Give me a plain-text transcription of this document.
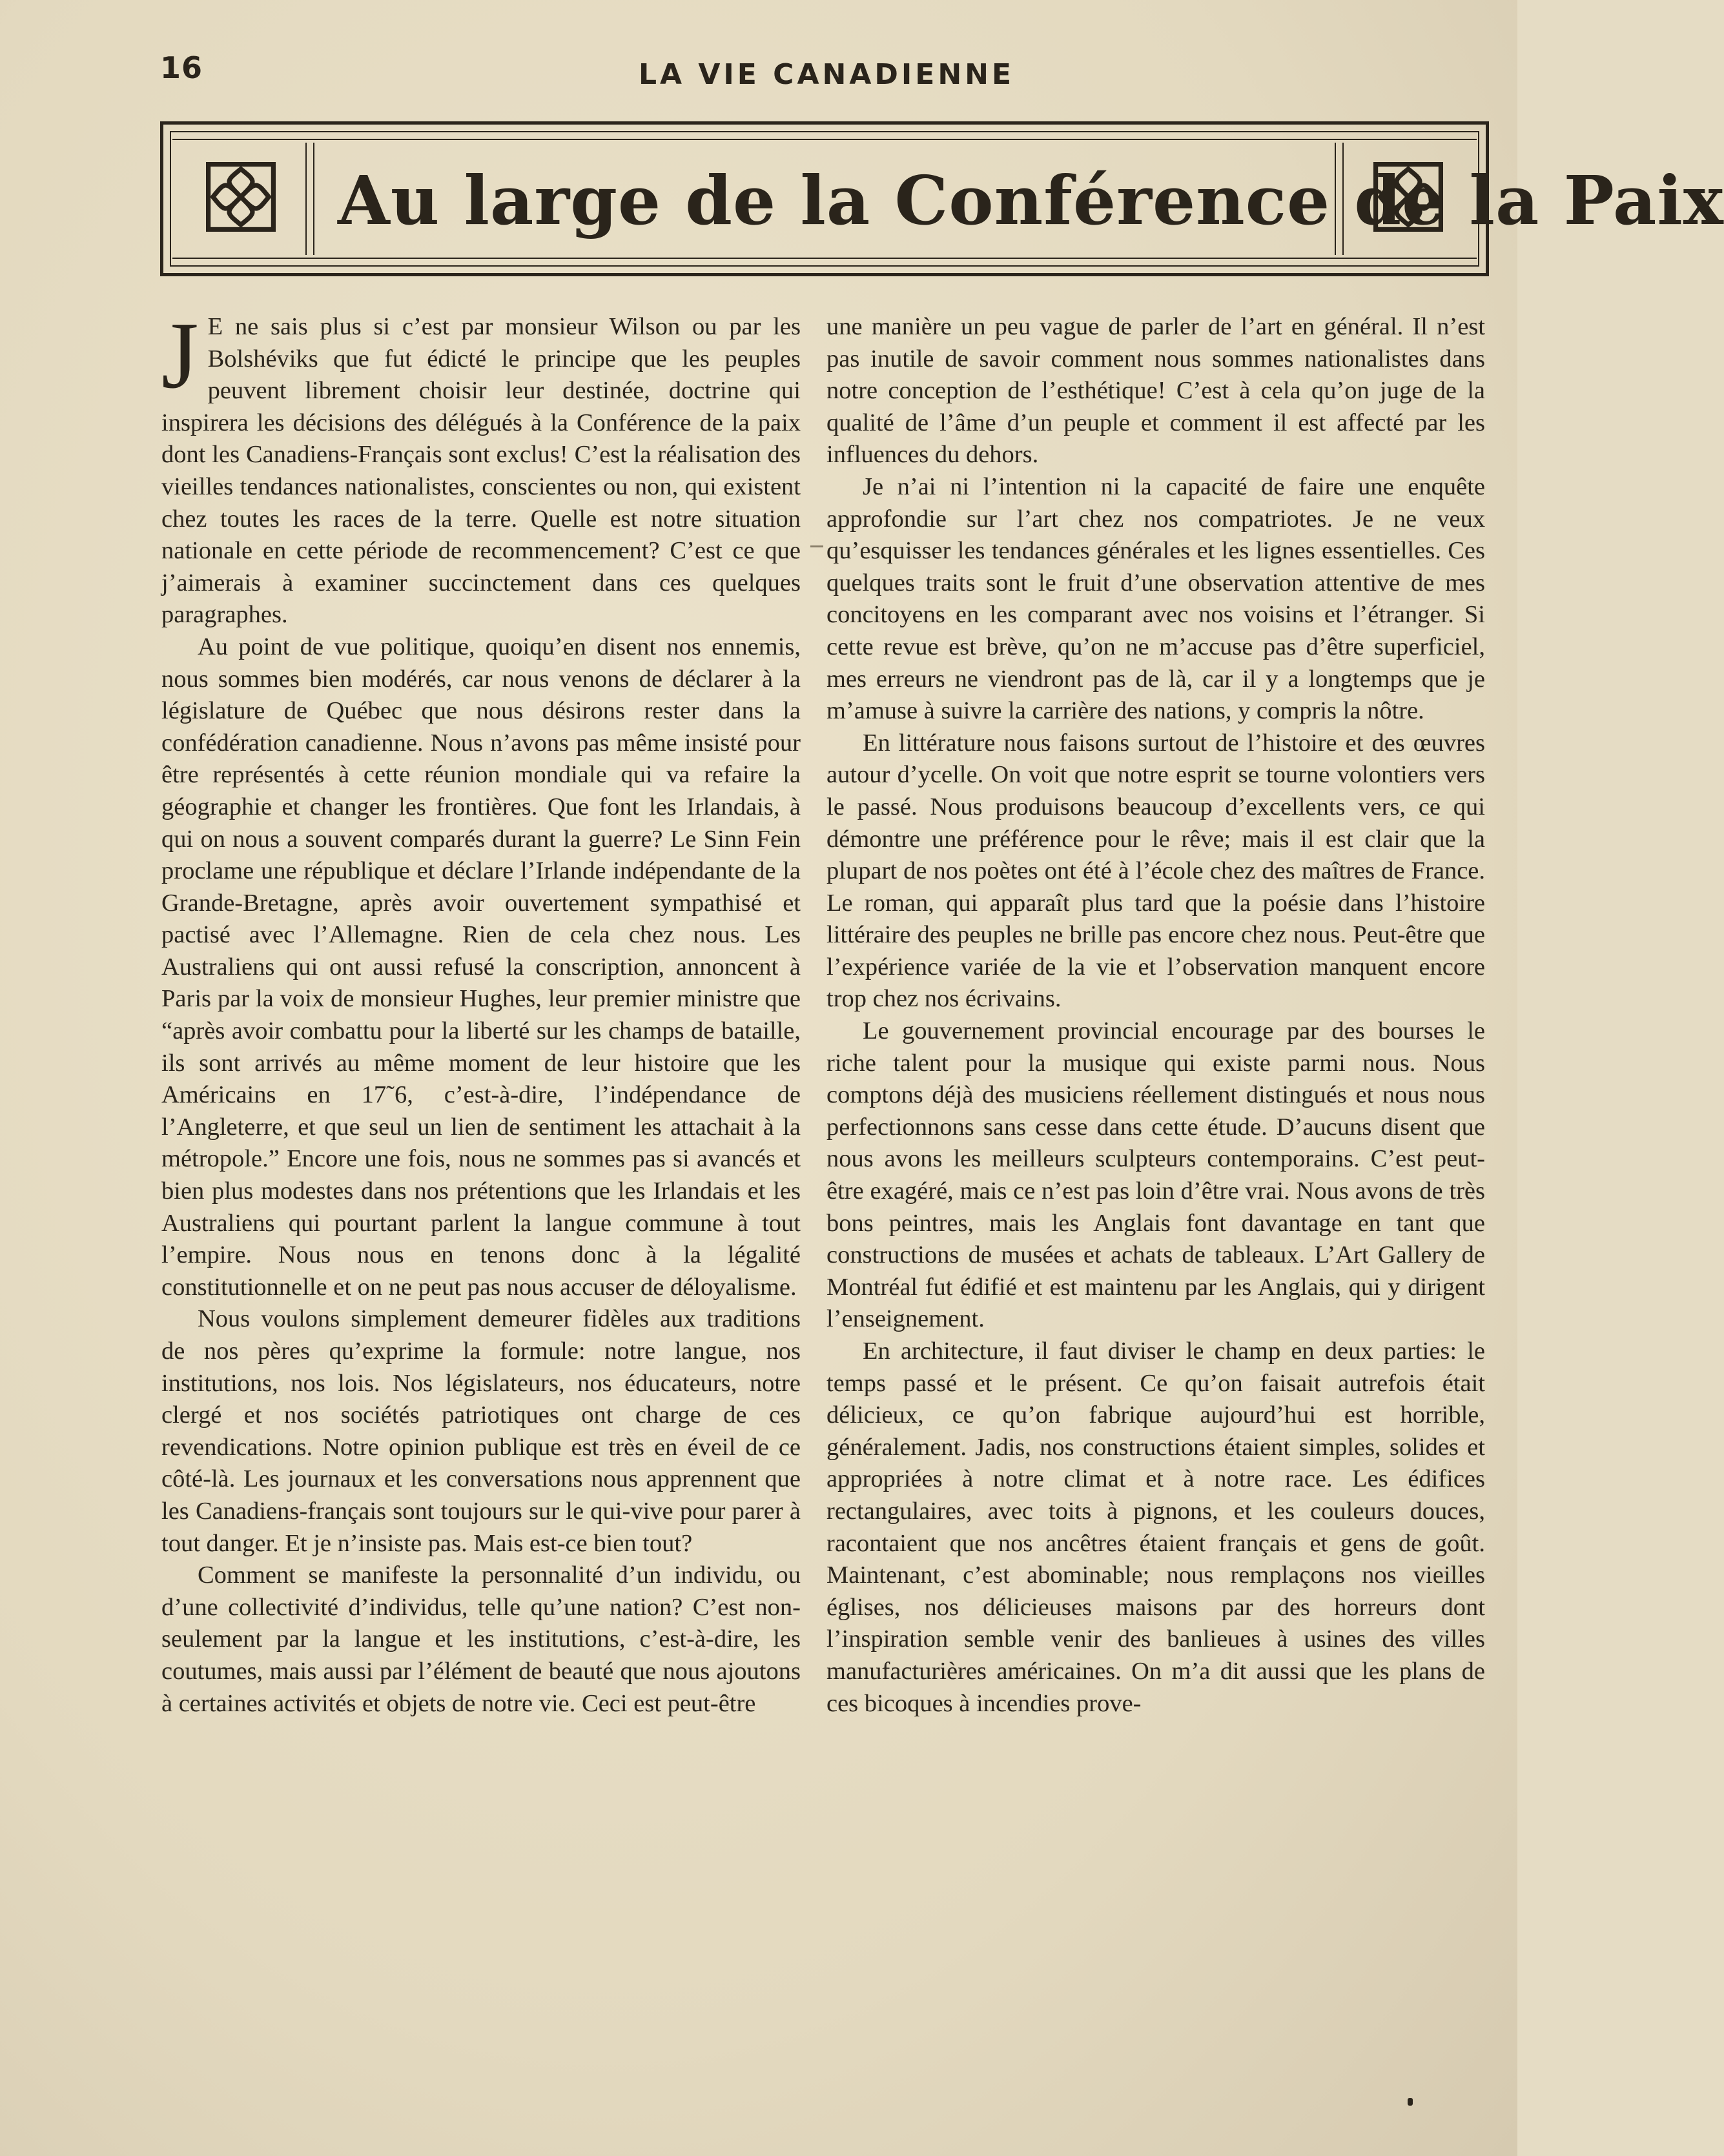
16	LA VIE CANADIENNE
Au large de la Conférence de la Paix

J E ne sais plus si c’est par monsieur Wilson ou par les Bolshéviks que fut édicté le principe que les peuples peuvent librement choisir leur destinée, doctrine qui inspirera les décisions des délégués à la Conférence de la paix dont les Canadiens-Français sont exclus! C’est la réalisation des vieilles tendances nationalistes, conscientes ou non, qui existent chez toutes les races de la terre. Quelle est notre situation nationale en cette période de recommencement? C’est ce que j’aimerais à examiner succinctement dans ces quelques paragraphes.

Au point de vue politique, quoiqu’en disent nos ennemis, nous sommes bien modérés, car nous venons de déclarer à la législature de Québec que nous désirons rester dans la confédération canadienne. Nous n’avons pas même insisté pour être représentés à cette réunion mondiale qui va refaire la géographie et changer les frontières. Que font les Irlandais, à qui on nous a souvent comparés durant la guerre? Le Sinn Fein proclame une république et déclare l’Irlande indépendante de la Grande-Bretagne, après avoir ouvertement sympathisé et pactisé avec l’Allemagne. Rien de cela chez nous. Les Australiens qui ont aussi refusé la conscription, annoncent à Paris par la voix de monsieur Hughes, leur premier ministre que “après avoir combattu pour la liberté sur les champs de bataille, ils sont arrivés au même moment de leur histoire que les Américains en 17˜6, c’est-à-dire, l’indépendance de l’Angleterre, et que seul un lien de sentiment les attachait à la métropole.” Encore une fois, nous ne sommes pas si avancés et bien plus modestes dans nos prétentions que les Irlandais et les Australiens qui pourtant parlent la langue commune à tout l’empire. Nous nous en tenons donc à la légalité constitutionnelle et on ne peut pas nous accuser de déloyalisme.

Nous voulons simplement demeurer fidèles aux traditions de nos pères qu’exprime la formule: notre langue, nos institutions, nos lois. Nos législateurs, nos éducateurs, notre clergé et nos sociétés patriotiques ont charge de ces revendications. Notre opinion publique est très en éveil de ce côté-là. Les journaux et les conversations nous apprennent que les Canadiens-français sont toujours sur le qui-vive pour parer à tout danger. Et je n’insiste pas. Mais est-ce bien tout?

Comment se manifeste la personnalité d’un individu, ou d’une collectivité d’individus, telle qu’une nation? C’est non-seulement par la langue et les institutions, c’est-à-dire, les coutumes, mais aussi par l’élément de beauté que nous ajoutons à certaines activités et objets de notre vie. Ceci est peut-être

une manière un peu vague de parler de l’art en général. Il n’est pas inutile de savoir comment nous sommes nationalistes dans notre conception de l’esthétique! C’est à cela qu’on juge de la qualité de l’âme d’un peuple et comment il est affecté par les influences du dehors.

Je n’ai ni l’intention ni la capacité de faire une enquête approfondie sur l’art chez nos compatriotes. Je ne veux qu’esquisser les tendances générales et les lignes essentielles. Ces quelques traits sont le fruit d’une observation attentive de mes concitoyens en les comparant avec nos voisins et l’étranger. Si cette revue est brève, qu’on ne m’accuse pas d’être superficiel, mes erreurs ne viendront pas de là, car il y a longtemps que je m’amuse à suivre la carrière des nations, y compris la nôtre.

En littérature nous faisons surtout de l’histoire et des œuvres autour d’ycelle. On voit que notre esprit se tourne volontiers vers le passé. Nous produisons beaucoup d’excellents vers, ce qui démontre une préférence pour le rêve; mais il est clair que la plupart de nos poètes ont été à l’école chez des maîtres de France. Le roman, qui apparaît plus tard que la poésie dans l’histoire littéraire des peuples ne brille pas encore chez nous. Peut-être que l’expérience variée de la vie et l’observation manquent encore trop chez nos écrivains.

Le gouvernement provincial encourage par des bourses le riche talent pour la musique qui existe parmi nous. Nous comptons déjà des musiciens réellement distingués et nous nous perfectionnons sans cesse dans cette étude. D’aucuns disent que nous avons les meilleurs sculpteurs contemporains. C’est peut-être exagéré, mais ce n’est pas loin d’être vrai. Nous avons de très bons peintres, mais les Anglais font davantage en tant que constructions de musées et achats de tableaux. L’Art Gallery de Montréal fut édifié et est maintenu par les Anglais, qui y dirigent l’enseignement.

En architecture, il faut diviser le champ en deux parties: le temps passé et le présent. Ce qu’on faisait autrefois était délicieux, ce qu’on fabrique aujourd’hui est horrible, généralement. Jadis, nos constructions étaient simples, solides et appropriées à notre climat et à notre race. Les édifices rectangulaires, avec toits à pignons, et les couleurs douces, racontaient que nos ancêtres étaient français et gens de goût. Maintenant, c’est abominable; nous remplaçons nos vieilles églises, nos délicieuses maisons par des horreurs dont l’inspiration semble venir des banlieues à usines des villes manufacturières américaines. On m’a dit aussi que les plans de ces bicoques à incendies prove-
